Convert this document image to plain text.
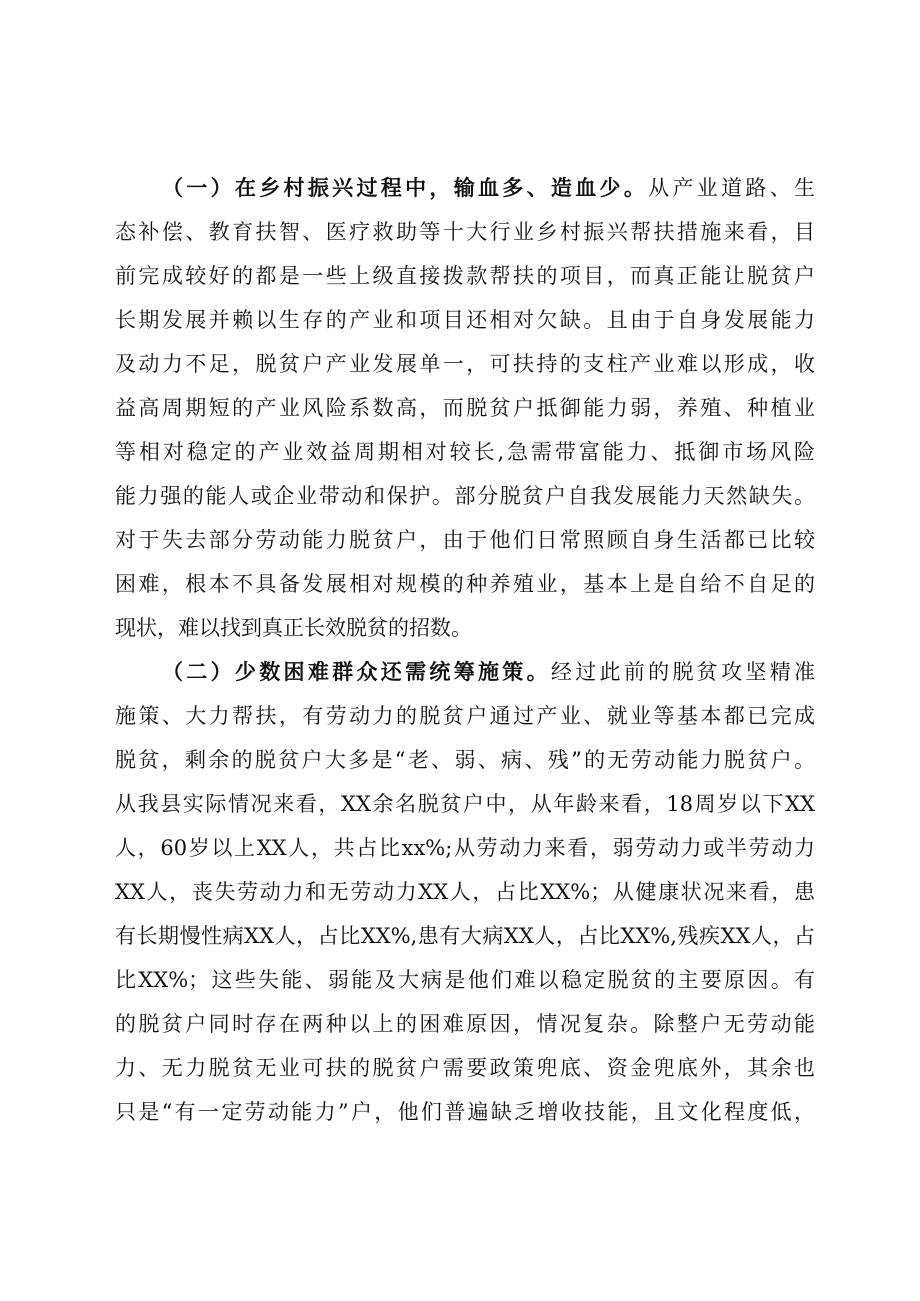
（一）在乡村振兴过程中，输血多、造血少。从产业道路、生
态补偿、教育扶智、医疗救助等十大行业乡村振兴帮扶措施来看，目
前完成较好的都是一些上级直接拨款帮扶的项目，而真正能让脱贫户
长期发展并赖以生存的产业和项目还相对欠缺。且由于自身发展能力
及动力不足，脱贫户产业发展单一，可扶持的支柱产业难以形成，收
益高周期短的产业风险系数高，而脱贫户抵御能力弱，养殖、种植业
等相对稳定的产业效益周期相对较长,急需带富能力、抵御市场风险
能力强的能人或企业带动和保护。部分脱贫户自我发展能力天然缺失。
对于失去部分劳动能力脱贫户，由于他们日常照顾自身生活都已比较
困难，根本不具备发展相对规模的种养殖业，基本上是自给不自足的
现状，难以找到真正长效脱贫的招数。
（二）少数困难群众还需统筹施策。经过此前的脱贫攻坚精准
施策、大力帮扶，有劳动力的脱贫户通过产业、就业等基本都已完成
脱贫，剩余的脱贫户大多是“老、弱、病、残”的无劳动能力脱贫户。
从我县实际情况来看，XX余名脱贫户中，从年龄来看，18周岁以下XX
人，60岁以上XX人，共占比xx%;从劳动力来看，弱劳动力或半劳动力
XX人，丧失劳动力和无劳动力XX人，占比XX%；从健康状况来看，患
有长期慢性病XX人，占比XX%,患有大病XX人，占比XX%,残疾XX人，占
比XX%；这些失能、弱能及大病是他们难以稳定脱贫的主要原因。有
的脱贫户同时存在两种以上的困难原因，情况复杂。除整户无劳动能
力、无力脱贫无业可扶的脱贫户需要政策兜底、资金兜底外，其余也
只是“有一定劳动能力”户，他们普遍缺乏增收技能，且文化程度低，
